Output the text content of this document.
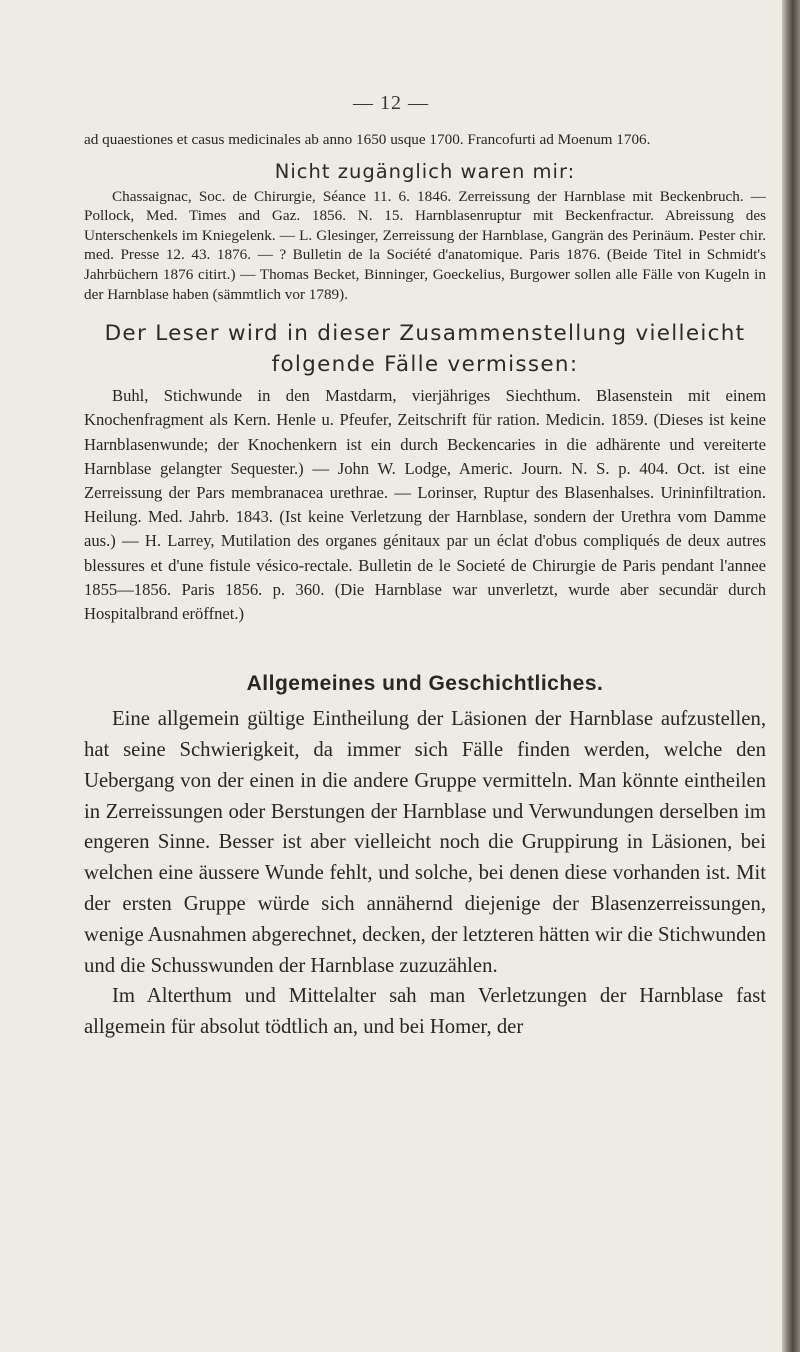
— 12 —

ad quaestiones et casus medicinales ab anno 1650 usque 1700. Francofurti ad Moenum 1706.

Nicht zugänglich waren mir:

Chassaignac, Soc. de Chirurgie, Séance 11. 6. 1846. Zerreissung der Harnblase mit Beckenbruch. — Pollock, Med. Times and Gaz. 1856. N. 15. Harnblasenruptur mit Beckenfractur. Abreissung des Unterschenkels im Kniegelenk. — L. Glesinger, Zerreissung der Harnblase, Gangrän des Perinäum. Pester chir. med. Presse 12. 43. 1876. — ? Bulletin de la Société d'anatomique. Paris 1876. (Beide Titel in Schmidt's Jahrbüchern 1876 citirt.) — Thomas Becket, Binninger, Goeckelius, Burgower sollen alle Fälle von Kugeln in der Harnblase haben (sämmtlich vor 1789).

Der Leser wird in dieser Zusammenstellung vielleicht folgende Fälle vermissen:

Buhl, Stichwunde in den Mastdarm, vierjähriges Siechthum. Blasenstein mit einem Knochenfragment als Kern. Henle u. Pfeufer, Zeitschrift für ration. Medicin. 1859. (Dieses ist keine Harnblasenwunde; der Knochenkern ist ein durch Beckencaries in die adhärente und vereiterte Harnblase gelangter Sequester.) — John W. Lodge, Americ. Journ. N. S. p. 404. Oct. ist eine Zerreissung der Pars membranacea urethrae. — Lorinser, Ruptur des Blasenhalses. Urininfiltration. Heilung. Med. Jahrb. 1843. (Ist keine Verletzung der Harnblase, sondern der Urethra vom Damme aus.) — H. Larrey, Mutilation des organes génitaux par un éclat d'obus compliqués de deux autres blessures et d'une fistule vésico-rectale. Bulletin de le Societé de Chirurgie de Paris pendant l'annee 1855—1856. Paris 1856. p. 360. (Die Harnblase war unverletzt, wurde aber secundär durch Hospitalbrand eröffnet.)

Allgemeines und Geschichtliches.

Eine allgemein gültige Eintheilung der Läsionen der Harnblase aufzustellen, hat seine Schwierigkeit, da immer sich Fälle finden werden, welche den Uebergang von der einen in die andere Gruppe vermitteln. Man könnte eintheilen in Zerreissungen oder Berstungen der Harnblase und Verwundungen derselben im engeren Sinne. Besser ist aber vielleicht noch die Gruppirung in Läsionen, bei welchen eine äussere Wunde fehlt, und solche, bei denen diese vorhanden ist. Mit der ersten Gruppe würde sich annähernd diejenige der Blasenzerreissungen, wenige Ausnahmen abgerechnet, decken, der letzteren hätten wir die Stichwunden und die Schusswunden der Harnblase zuzuzählen.

Im Alterthum und Mittelalter sah man Verletzungen der Harnblase fast allgemein für absolut tödtlich an, und bei Homer, der
